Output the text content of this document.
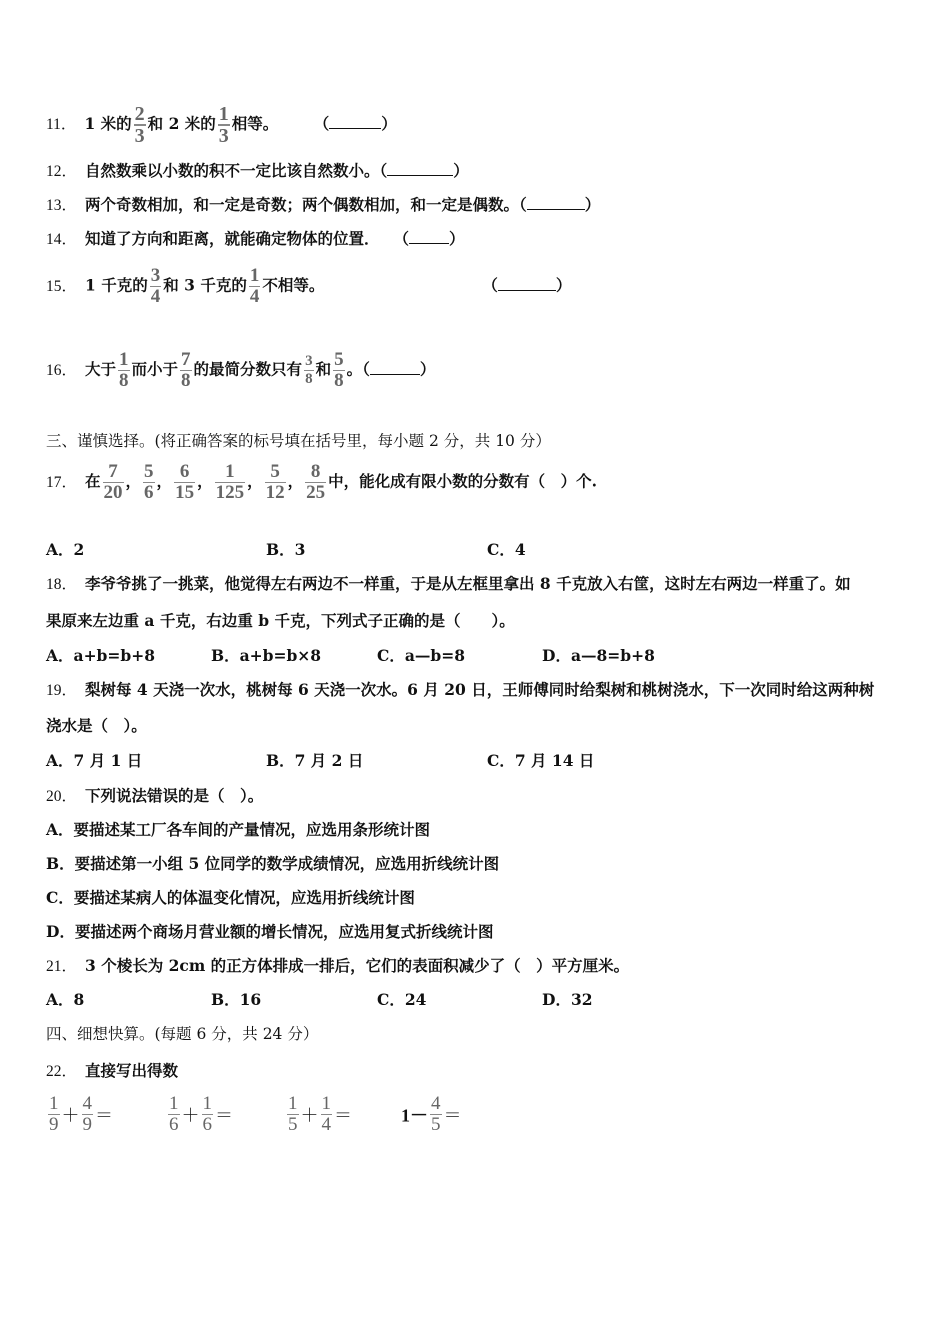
11． 1 米的 $\frac{2}{3}$ 和 2 米的 $\frac{1}{3}$ 相等。 （	）
12． 自然数乘以小数的积不一定比该自然数小。（	）
13． 两个奇数相加，和一定是奇数；两个偶数相加，和一定是偶数。（	）
14． 知道了方向和距离，就能确定物体的位置． （	）
15． 1 千克的 $\frac{3}{4}$ 和 3 千克的 $\frac{1}{4}$ 不相等。	（	）
16． 大于 $\frac{1}{8}$ 而小于 $\frac{7}{8}$ 的最简分数只有 $\frac{3}{8}$ 和 $\frac{5}{8}$ 。（	）
三、谨慎选择。(将正确答案的标号填在括号里，每小题 2 分，共 10 分）
17． 在 $\frac{7}{20}$ ， $\frac{5}{6}$ ， $\frac{6}{15}$ ， $\frac{1}{125}$ ， $\frac{5}{12}$ ， $\frac{8}{25}$ 中，能化成有限小数的分数有（　）个.
A．2	B．3	C．4
18． 李爷爷挑了一挑菜，他觉得左右两边不一样重，于是从左框里拿出 8 千克放入右筐，这时左右两边一样重了。如
果原来左边重 a 千克，右边重 b 千克，下列式子正确的是（　　）。
A．a+b=b+8	B．a+b=b×8	C．a—b=8	D．a—8=b+8
19． 梨树每 4 天浇一次水，桃树每 6 天浇一次水。6 月 20 日，王师傅同时给梨树和桃树浇水，下一次同时给这两种树
浇水是（　）。
A．7 月 1 日	B．7 月 2 日	C．7 月 14 日
20． 下列说法错误的是（　）。
A．要描述某工厂各车间的产量情况，应选用条形统计图
B．要描述第一小组 5 位同学的数学成绩情况，应选用折线统计图
C．要描述某病人的体温变化情况，应选用折线统计图
D．要描述两个商场月营业额的增长情况，应选用复式折线统计图
21． 3 个棱长为 2cm 的正方体排成一排后，它们的表面积减少了（　）平方厘米。
A．8	B．16	C．24	D．32
四、细想快算。(每题 6 分，共 24 分）
22． 直接写出得数
$\frac{1}{9} + \frac{4}{9}$ ＝	$\frac{1}{6} + \frac{1}{6}$ ＝	$\frac{1}{5} + \frac{1}{4}$ ＝	$1- \frac{4}{5}$ ＝
